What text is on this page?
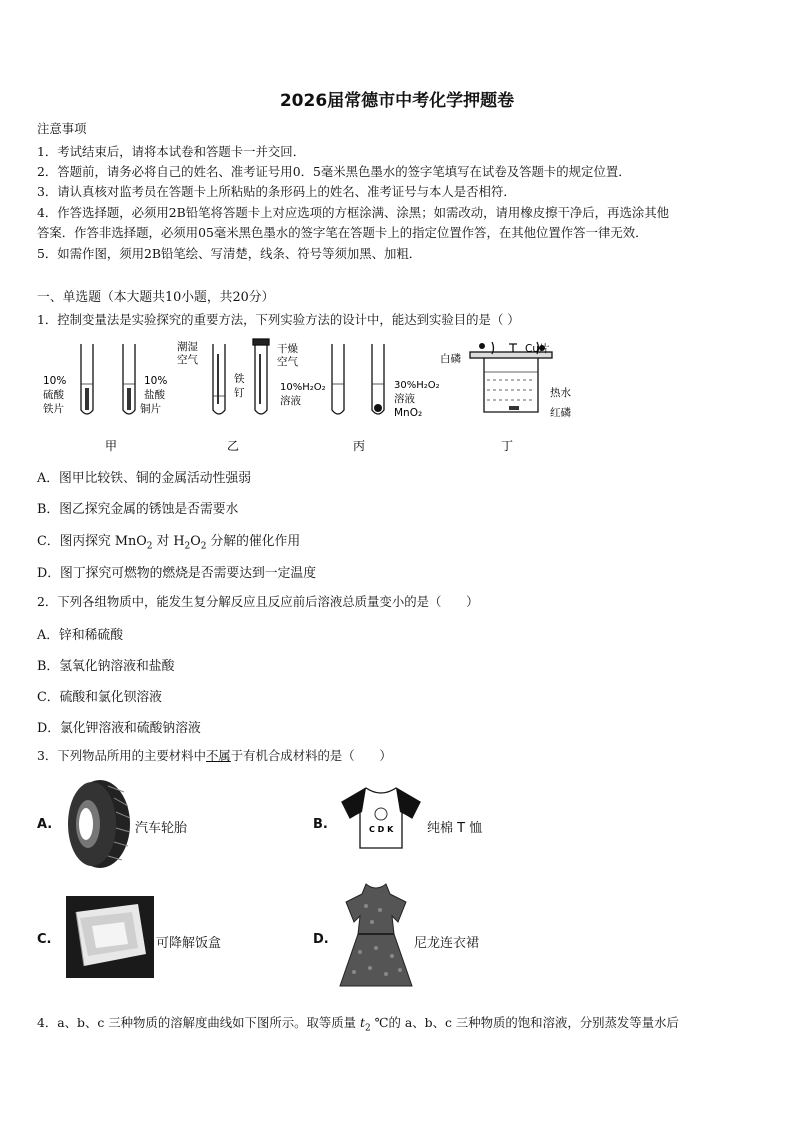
2026届常德市中考化学押题卷
注意事项
1．考试结束后，请将本试卷和答题卡一并交回．
2．答题前，请务必将自己的姓名、准考证号用0．5毫米黑色墨水的签字笔填写在试卷及答题卡的规定位置．
3．请认真核对监考员在答题卡上所粘贴的条形码上的姓名、准考证号与本人是否相符．
4．作答选择题，必须用2B铅笔将答题卡上对应选项的方框涂满、涂黑；如需改动，请用橡皮擦干净后，再选涂其他
答案．作答非选择题，必须用05毫米黑色墨水的签字笔在答题卡上的指定位置作答，在其他位置作答一律无效．
5．如需作图，须用2B铅笔绘、写清楚，线条、符号等须加黑、加粗．
一、单选题（本大题共10小题，共20分）
1．控制变量法是实验探究的重要方法，下列实验方法的设计中，能达到实验目的是（ ）
10%
硫酸
铁片
10%
盐酸
铜片
甲
潮湿
空气
铁
钉
干燥
空气
乙
10%H₂O₂
溶液
30%H₂O₂
溶液
MnO₂
丙
白磷
Cu片
热水
红磷
丁
A．图甲比较铁、铜的金属活动性强弱
B．图乙探究金属的锈蚀是否需要水
C．图丙探究 MnO$_2$ 对 $H_2O_2$ 分解的催化作用
D．图丁探究可燃物的燃烧是否需要达到一定温度
2．下列各组物质中，能发生复分解反应且反应前后溶液总质量变小的是（　　）
A．锌和稀硫酸
B．氢氧化钠溶液和盐酸
C．硫酸和氯化钡溶液
D．氯化钾溶液和硫酸钠溶液
3．下列物品所用的主要材料中不属于有机合成材料的是（　　）
A.	汽车轮胎	B.	C D K	纯棉 T 恤
C.	可降解饭盒	D.	尼龙连衣裙
4．a、b、c 三种物质的溶解度曲线如下图所示。取等质量 $t_2$ ℃的 a、b、c 三种物质的饱和溶液，分别蒸发等量水后
